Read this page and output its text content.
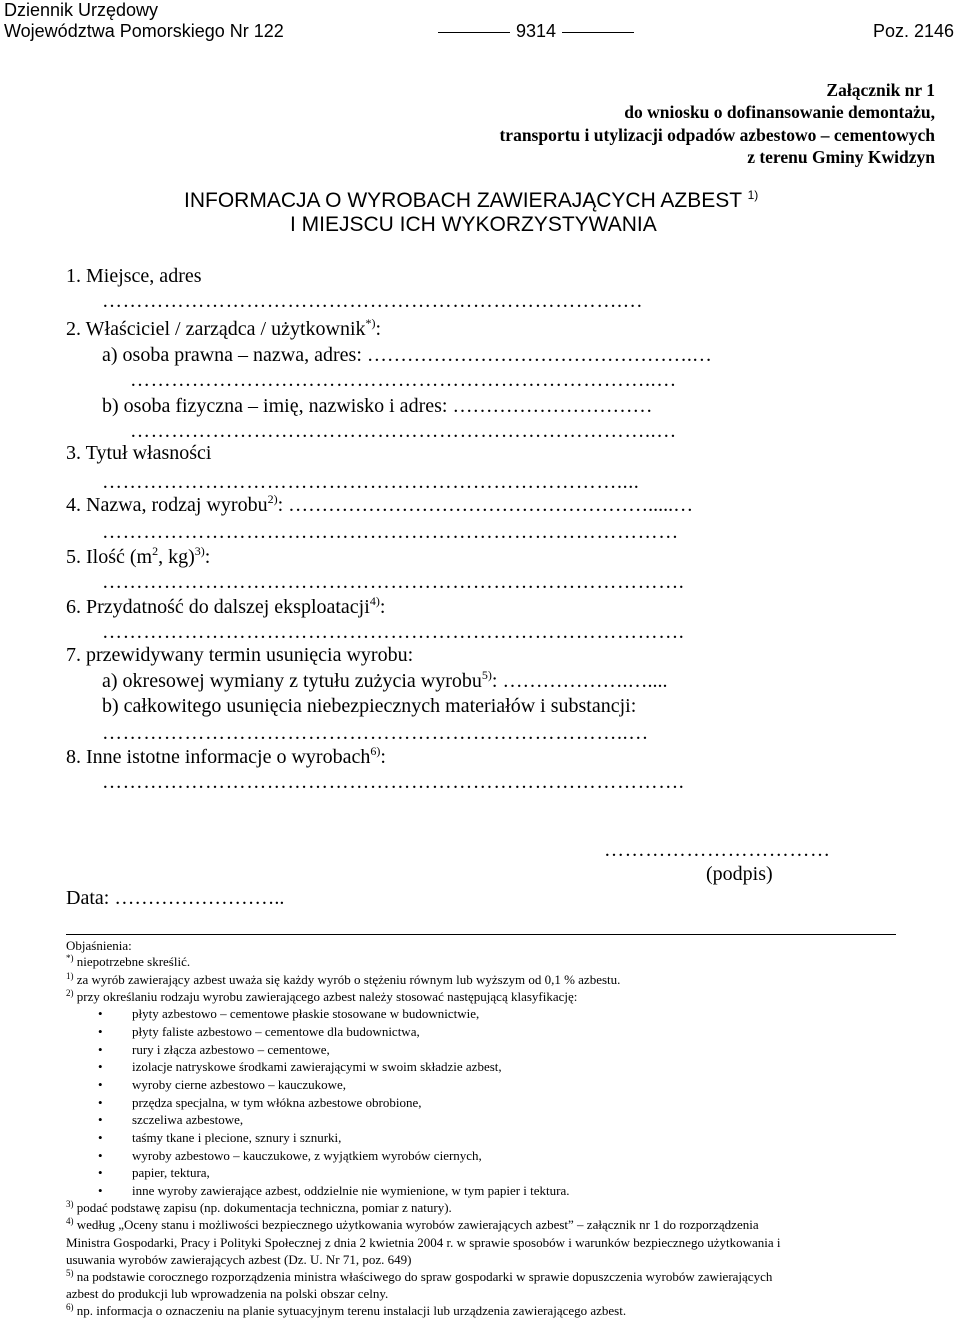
Dziennik Urzędowy
Województwa Pomorskiego Nr 122	9314	Poz. 2146
Załącznik nr 1
do wniosku o dofinansowanie demontażu,
transportu i utylizacji odpadów azbestowo – cementowych
z terenu Gminy Kwidzyn
INFORMACJA O WYROBACH ZAWIERAJĄCYCH AZBEST $^{1)}$
I MIEJSCU ICH WYKORZYSTYWANIA
1. Miejsce, adres
………………………………………………………………….…
2. Właściciel / zarządca / użytkownik*):
a) osoba prawna – nazwa, adres: ………………………………………….…
…………………………………………………………………..…
b) osoba fizyczna – imię, nazwisko i adres: …………………………
…………………………………………………………………..…
3. Tytuł własności
…………………………………………………………………....
4. Nazwa, rodzaj wyrobu$^{2)}$: ……………………………………………….....…
…………………………………………………………………………
5. Ilość ($m^2$, kg)$^{3)}$:
………………………………………………………………………….
6. Przydatność do dalszej eksploatacji$^{4)}$:
………………………………………………………………………….
7. przewidywany termin usunięcia wyrobu:
a) okresowej wymiany z tytułu zużycia wyrobu$^{5)}$: ……………….…....
b) całkowitego usunięcia niebezpiecznych materiałów i substancji:
…………………………………………………………………..…
8. Inne istotne informacje o wyrobach$^{6)}$:
………………………………………………………………………….
……………………………
(podpis)
Data: ……………………..
Objaśnienia:
*) niepotrzebne skreślić.
$^{1)}$ za wyrób zawierający azbest uważa się każdy wyrób o stężeniu równym lub wyższym od 0,1 % azbestu.
$^{2)}$ przy określaniu rodzaju wyrobu zawierającego azbest należy stosować następującą klasyfikację:
• płyty azbestowo – cementowe płaskie stosowane w budownictwie,
• płyty faliste azbestowo – cementowe dla budownictwa,
• rury i złącza azbestowo – cementowe,
• izolacje natryskowe środkami zawierającymi w swoim składzie azbest,
• wyroby cierne azbestowo – kauczukowe,
• przędza specjalna, w tym włókna azbestowe obrobione,
• szczeliwa azbestowe,
• taśmy tkane i plecione, sznury i sznurki,
• wyroby azbestowo – kauczukowe, z wyjątkiem wyrobów ciernych,
• papier, tektura,
• inne wyroby zawierające azbest, oddzielnie nie wymienione, w tym papier i tektura.
$^{3)}$ podać podstawę zapisu (np. dokumentacja techniczna, pomiar z natury).
$^{4)}$ według „Oceny stanu i możliwości bezpiecznego użytkowania wyrobów zawierających azbest” – załącznik nr 1 do rozporządzenia
Ministra Gospodarki, Pracy i Polityki Społecznej z dnia 2 kwietnia 2004 r. w sprawie sposobów i warunków bezpiecznego użytkowania i
usuwania wyrobów zawierających azbest (Dz. U. Nr 71, poz. 649)
$^{5)}$ na podstawie corocznego rozporządzenia ministra właściwego do spraw gospodarki w sprawie dopuszczenia wyrobów zawierających
azbest do produkcji lub wprowadzenia na polski obszar celny.
$^{6)}$ np. informacja o oznaczeniu na planie sytuacyjnym terenu instalacji lub urządzenia zawierającego azbest.
